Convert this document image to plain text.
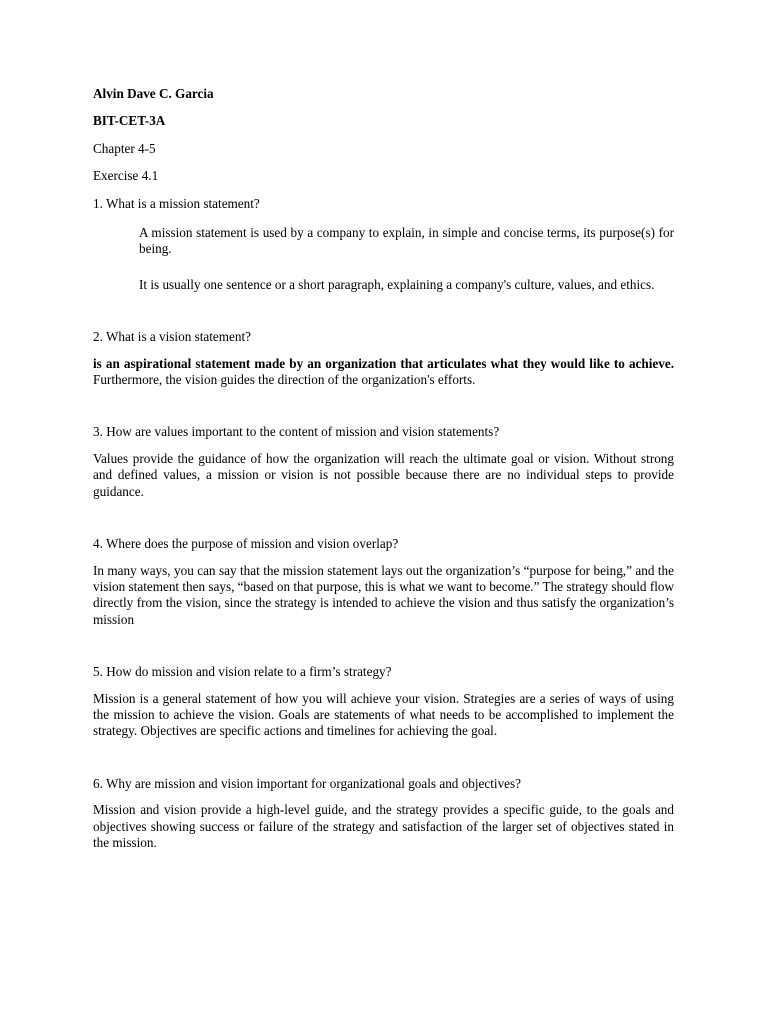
Alvin Dave C. Garcia

BIT-CET-3A

Chapter 4-5

Exercise 4.1

1. What is a mission statement?

A mission statement is used by a company to explain, in simple and concise terms, its purpose(s) for being.

It is usually one sentence or a short paragraph, explaining a company's culture, values, and ethics.

2. What is a vision statement?

is an aspirational statement made by an organization that articulates what they would like to achieve. Furthermore, the vision guides the direction of the organization's efforts.

3. How are values important to the content of mission and vision statements?

Values provide the guidance of how the organization will reach the ultimate goal or vision. Without strong and defined values, a mission or vision is not possible because there are no individual steps to provide guidance.

4. Where does the purpose of mission and vision overlap?

In many ways, you can say that the mission statement lays out the organization’s “purpose for being,” and the vision statement then says, “based on that purpose, this is what we want to become.” The strategy should flow directly from the vision, since the strategy is intended to achieve the vision and thus satisfy the organization’s mission

5. How do mission and vision relate to a firm’s strategy?

Mission is a general statement of how you will achieve your vision. Strategies are a series of ways of using the mission to achieve the vision. Goals are statements of what needs to be accomplished to implement the strategy. Objectives are specific actions and timelines for achieving the goal.

6. Why are mission and vision important for organizational goals and objectives?

Mission and vision provide a high-level guide, and the strategy provides a specific guide, to the goals and objectives showing success or failure of the strategy and satisfaction of the larger set of objectives stated in the mission.
